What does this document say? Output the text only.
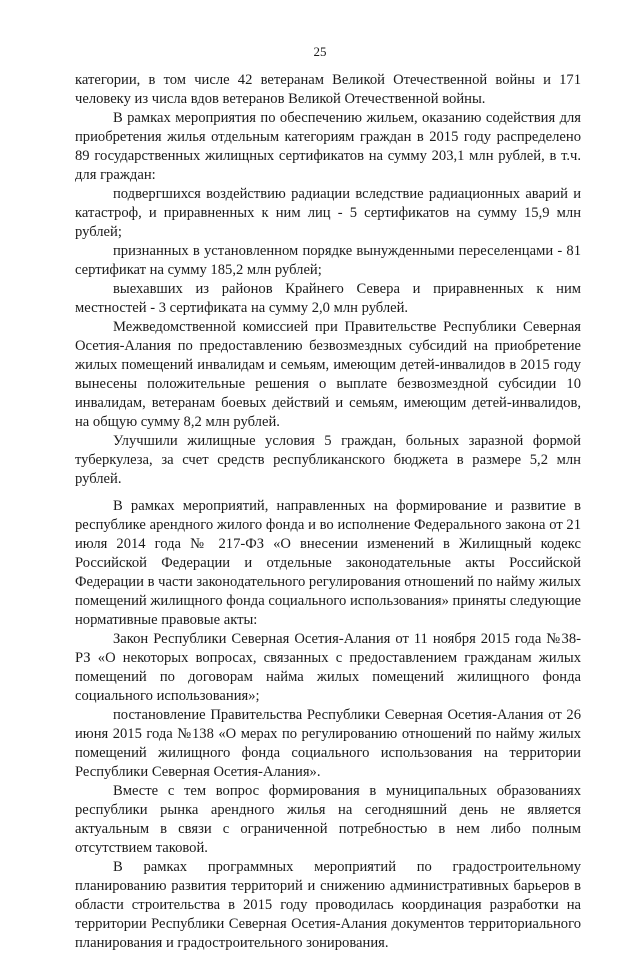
25

категории, в том числе 42 ветеранам Великой Отечественной войны и 171 человеку из числа вдов ветеранов Великой Отечественной войны.

В рамках мероприятия по обеспечению жильем, оказанию содействия для приобретения жилья отдельным категориям граждан в 2015 году распределено 89 государственных жилищных сертификатов на сумму 203,1 млн рублей, в т.ч. для граждан:

подвергшихся воздействию радиации вследствие радиационных аварий и катастроф, и приравненных к ним лиц - 5 сертификатов на сумму 15,9 млн рублей;

признанных в установленном порядке вынужденными переселенцами - 81 сертификат на сумму 185,2 млн рублей;

выехавших из районов Крайнего Севера и приравненных к ним местностей - 3 сертификата на сумму 2,0 млн рублей.

Межведомственной комиссией при Правительстве Республики Северная Осетия-Алания по предоставлению безвозмездных субсидий на приобретение жилых помещений инвалидам и семьям, имеющим детей-инвалидов в 2015 году вынесены положительные решения о выплате безвозмездной субсидии 10 инвалидам, ветеранам боевых действий и семьям, имеющим детей-инвалидов, на общую сумму 8,2 млн рублей.

Улучшили жилищные условия 5 граждан, больных заразной формой туберкулеза, за счет средств республиканского бюджета в размере 5,2 млн рублей.

В рамках мероприятий, направленных на формирование и развитие в республике арендного жилого фонда и во исполнение Федерального закона от 21 июля 2014 года № 217-ФЗ «О внесении изменений в Жилищный кодекс Российской Федерации и отдельные законодательные акты Российской Федерации в части законодательного регулирования отношений по найму жилых помещений жилищного фонда социального использования» приняты следующие нормативные правовые акты:

Закон Республики Северная Осетия-Алания от 11 ноября 2015 года №38-РЗ «О некоторых вопросах, связанных с предоставлением гражданам жилых помещений по договорам найма жилых помещений жилищного фонда социального использования»;

постановление Правительства Республики Северная Осетия-Алания от 26 июня 2015 года №138 «О мерах по регулированию отношений по найму жилых помещений жилищного фонда социального использования на территории Республики Северная Осетия-Алания».

Вместе с тем вопрос формирования в муниципальных образованиях республики рынка арендного жилья на сегодняшний день не является актуальным в связи с ограниченной потребностью в нем либо полным отсутствием таковой.

В рамках программных мероприятий по градостроительному планированию развития территорий и снижению административных барьеров в области строительства в 2015 году проводилась координация разработки на территории Республики Северная Осетия-Алания документов территориального планирования и градостроительного зонирования.
